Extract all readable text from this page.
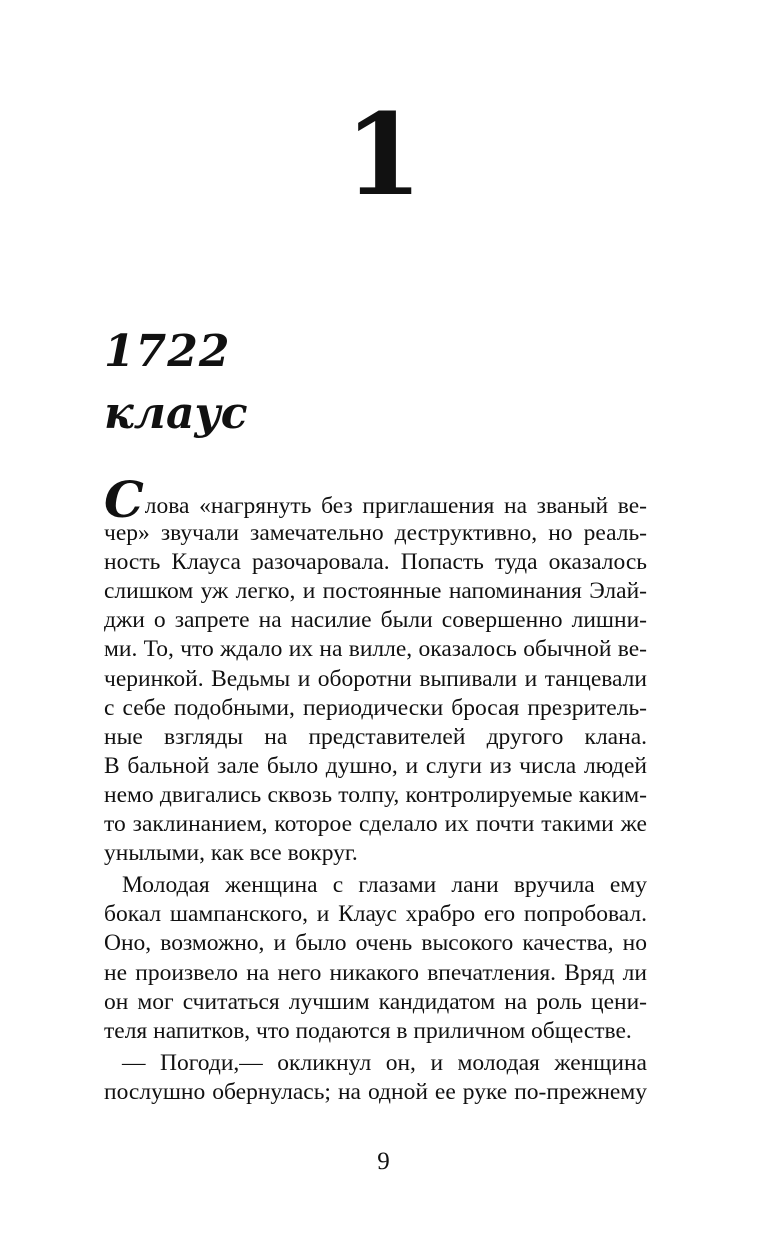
1
1722
клаус
Слова «нагрянуть без приглашения на званый ве-
чер» звучали замечательно деструктивно, но реаль-
ность Клауса разочаровала. Попасть туда оказалось
слишком уж легко, и постоянные напоминания Элай-
джи о запрете на насилие были совершенно лишни-
ми. То, что ждало их на вилле, оказалось обычной ве-
черинкой. Ведьмы и оборотни выпивали и танцевали
с себе подобными, периодически бросая презритель-
ные взгляды на представителей другого клана.
В бальной зале было душно, и слуги из числа людей
немо двигались сквозь толпу, контролируемые каким-
то заклинанием, которое сделало их почти такими же
унылыми, как все вокруг.
Молодая женщина с глазами лани вручила ему
бокал шампанского, и Клаус храбро его попробовал.
Оно, возможно, и было очень высокого качества, но
не произвело на него никакого впечатления. Вряд ли
он мог считаться лучшим кандидатом на роль цени-
теля напитков, что подаются в приличном обществе.
— Погоди,— окликнул он, и молодая женщина
послушно обернулась; на одной ее руке по-прежнему
9
